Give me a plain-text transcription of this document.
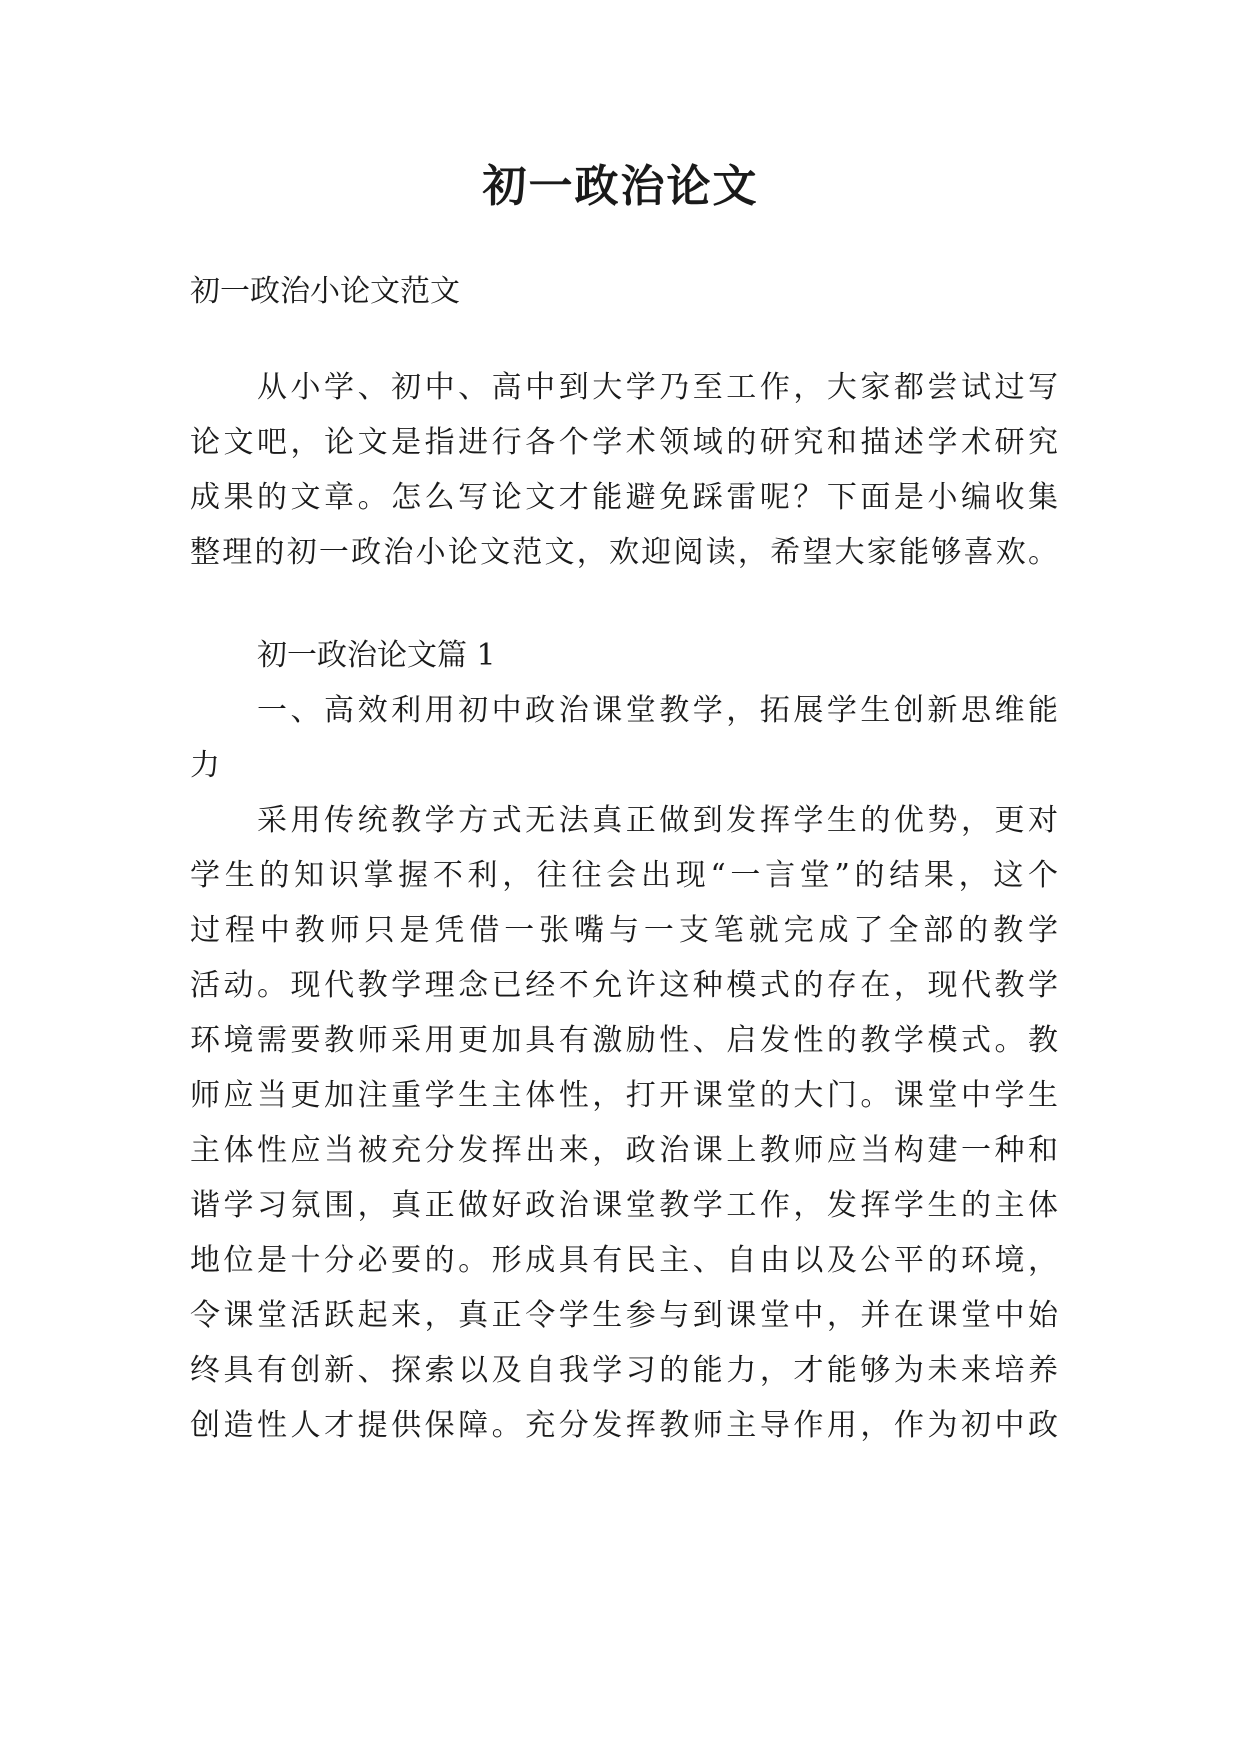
初一政治论文

初一政治小论文范文

从小学、初中、高中到大学乃至工作，大家都尝试过写

论文吧，论文是指进行各个学术领域的研究和描述学术研究

成果的文章。怎么写论文才能避免踩雷呢？下面是小编收集

整理的初一政治小论文范文，欢迎阅读，希望大家能够喜欢。

初一政治论文篇 1

一、高效利用初中政治课堂教学，拓展学生创新思维能

力

采用传统教学方式无法真正做到发挥学生的优势，更对

学生的知识掌握不利，往往会出现“一言堂”的结果，这个

过程中教师只是凭借一张嘴与一支笔就完成了全部的教学

活动。现代教学理念已经不允许这种模式的存在，现代教学

环境需要教师采用更加具有激励性、启发性的教学模式。教

师应当更加注重学生主体性，打开课堂的大门。课堂中学生

主体性应当被充分发挥出来，政治课上教师应当构建一种和

谐学习氛围，真正做好政治课堂教学工作，发挥学生的主体

地位是十分必要的。形成具有民主、自由以及公平的环境，

令课堂活跃起来，真正令学生参与到课堂中，并在课堂中始

终具有创新、探索以及自我学习的能力，才能够为未来培养

创造性人才提供保障。充分发挥教师主导作用，作为初中政
